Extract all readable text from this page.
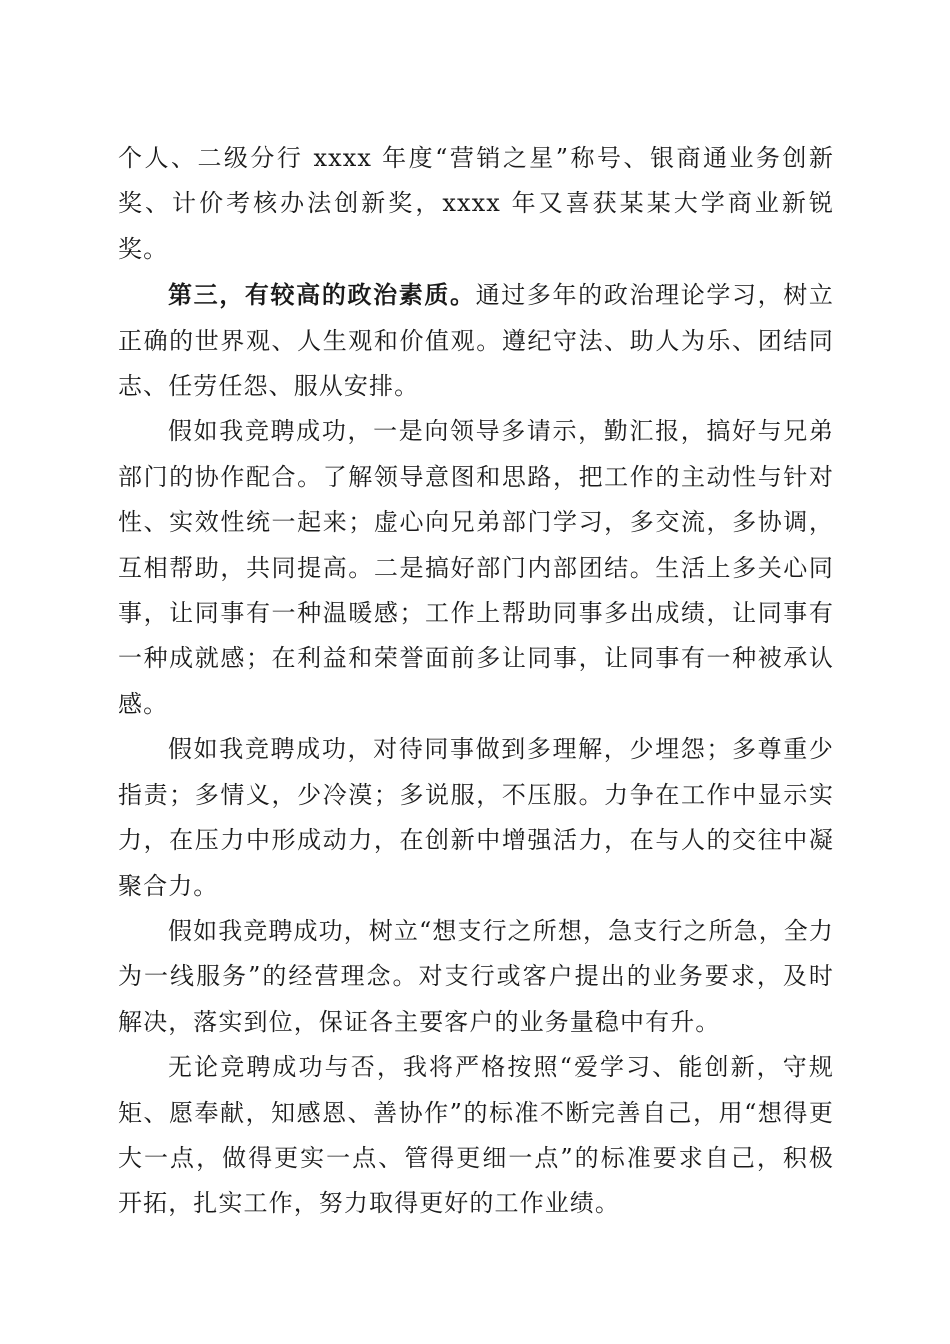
个人、二级分行 xxxx 年度“营销之星”称号、银商通业务创新奖、计价考核办法创新奖，xxxx 年又喜获某某大学商业新锐奖。

第三，有较高的政治素质。通过多年的政治理论学习，树立正确的世界观、人生观和价值观。遵纪守法、助人为乐、团结同志、任劳任怨、服从安排。

假如我竞聘成功，一是向领导多请示，勤汇报，搞好与兄弟部门的协作配合。了解领导意图和思路，把工作的主动性与针对性、实效性统一起来；虚心向兄弟部门学习，多交流，多协调，互相帮助，共同提高。二是搞好部门内部团结。生活上多关心同事，让同事有一种温暖感；工作上帮助同事多出成绩，让同事有一种成就感；在利益和荣誉面前多让同事，让同事有一种被承认感。

假如我竞聘成功，对待同事做到多理解，少埋怨；多尊重少指责；多情义，少冷漠；多说服，不压服。力争在工作中显示实力，在压力中形成动力，在创新中增强活力，在与人的交往中凝聚合力。

假如我竞聘成功，树立“想支行之所想，急支行之所急，全力为一线服务”的经营理念。对支行或客户提出的业务要求，及时解决，落实到位，保证各主要客户的业务量稳中有升。

无论竞聘成功与否，我将严格按照“爱学习、能创新，守规矩、愿奉献，知感恩、善协作”的标准不断完善自己，用“想得更大一点，做得更实一点、管得更细一点”的标准要求自己，积极开拓，扎实工作，努力取得更好的工作业绩。
